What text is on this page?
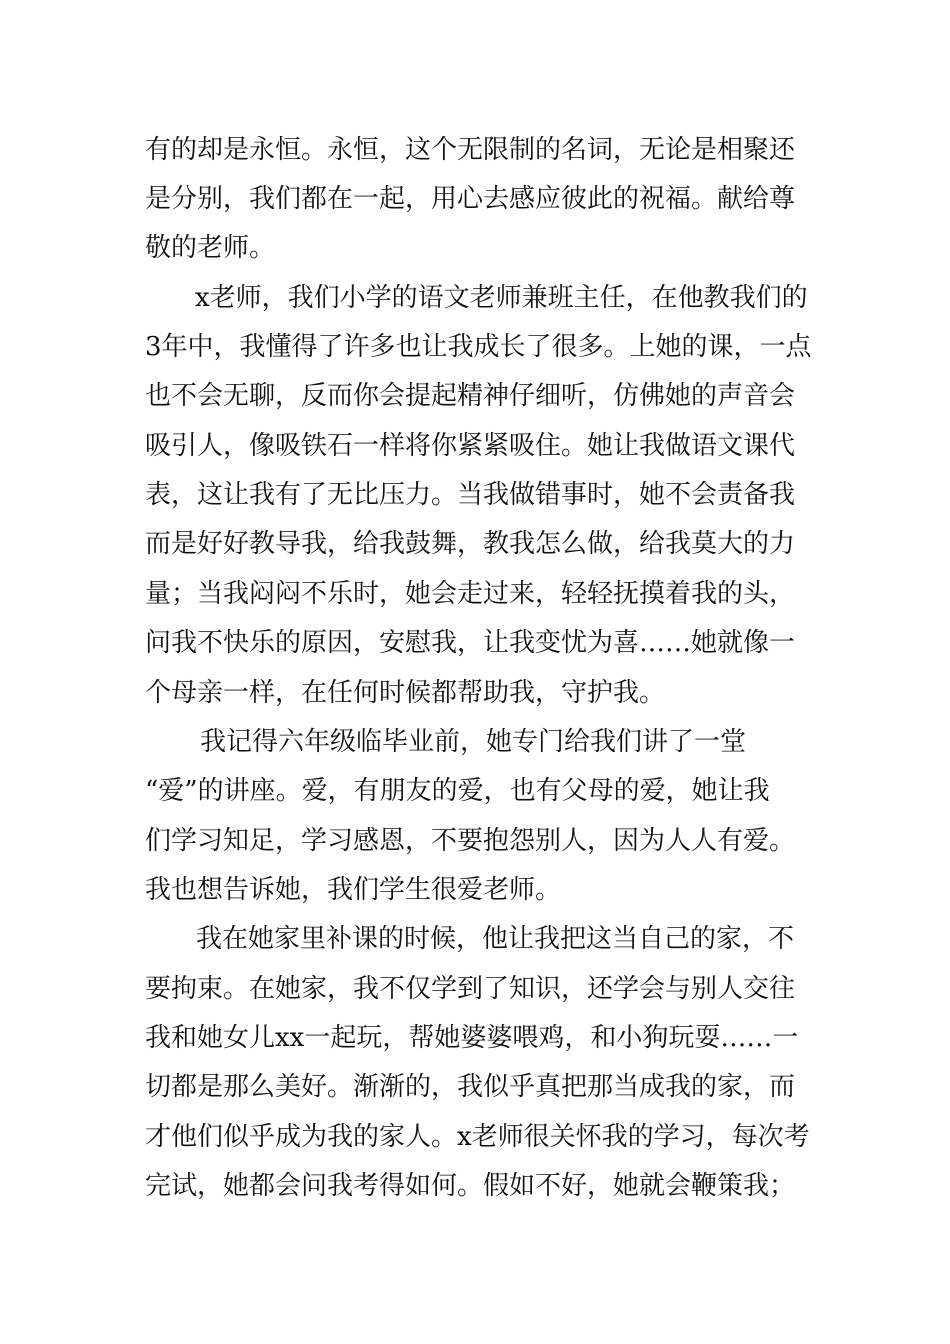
有的却是永恒。永恒，这个无限制的名词，无论是相聚还
是分别，我们都在一起，用心去感应彼此的祝福。献给尊
敬的老师。
x老师，我们小学的语文老师兼班主任，在他教我们的
3年中，我懂得了许多也让我成长了很多。上她的课，一点
也不会无聊，反而你会提起精神仔细听，仿佛她的声音会
吸引人，像吸铁石一样将你紧紧吸住。她让我做语文课代
表，这让我有了无比压力。当我做错事时，她不会责备我
而是好好教导我，给我鼓舞，教我怎么做，给我莫大的力
量；当我闷闷不乐时，她会走过来，轻轻抚摸着我的头，
问我不快乐的原因，安慰我，让我变忧为喜……她就像一
个母亲一样，在任何时候都帮助我，守护我。
我记得六年级临毕业前，她专门给我们讲了一堂
“爱”的讲座。爱，有朋友的爱，也有父母的爱，她让我
们学习知足，学习感恩，不要抱怨别人，因为人人有爱。
我也想告诉她，我们学生很爱老师。
我在她家里补课的时候，他让我把这当自己的家，不
要拘束。在她家，我不仅学到了知识，还学会与别人交往
我和她女儿xx一起玩，帮她婆婆喂鸡，和小狗玩耍……一
切都是那么美好。渐渐的，我似乎真把那当成我的家，而
才他们似乎成为我的家人。x老师很关怀我的学习，每次考
完试，她都会问我考得如何。假如不好，她就会鞭策我；
